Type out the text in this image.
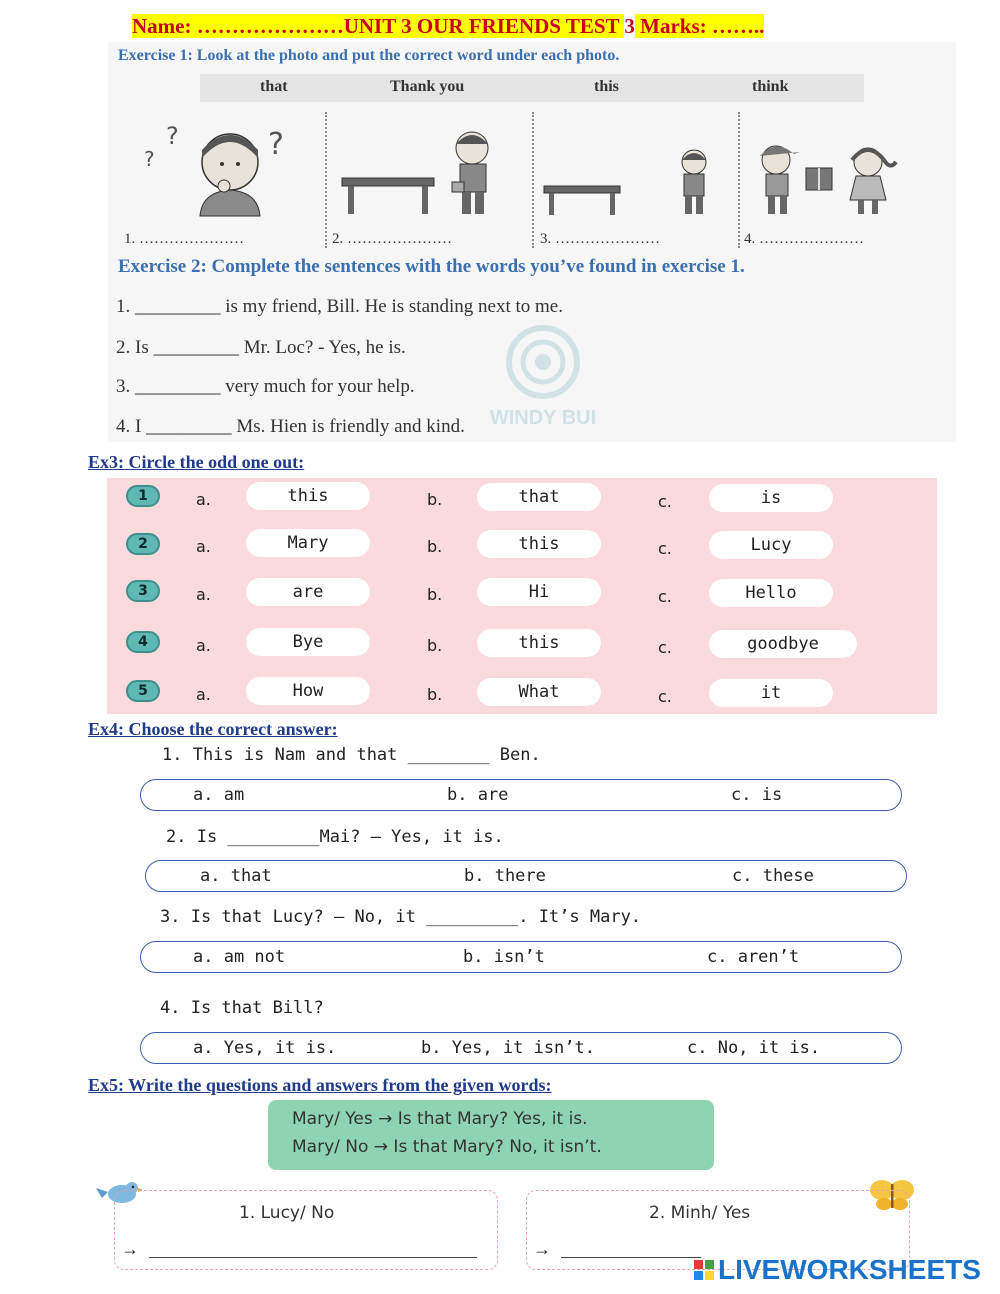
Name: …………………UNIT 3 OUR FRIENDS TEST 3 Marks: ……..
Exercise 1: Look at the photo and put the correct word under each photo.
that	Thank you	this	think
?
?	?
1. …………………	2. …………………	3. …………………	4. …………………
Exercise 2: Complete the sentences with the words you’ve found in exercise 1.
1. _________ is my friend, Bill. He is standing next to me.
2. Is _________ Mr. Loc? - Yes, he is.
3. _________ very much for your help.
4. I _________ Ms. Hien is friendly and kind. WINDY BUI
Ex3: Circle the odd one out:
1	a.	this	b.	that	c.	is
2	a.	Mary	b.	this	c.	Lucy
3	a.	are	b.	Hi	c.	Hello
4	a.	Bye	b.	this	c.	goodbye
5	a.	How	b.	What	c.	it
Ex4: Choose the correct answer:
1. This is Nam and that ________ Ben.
a. am	b. are	c. is
2. Is _________Mai? – Yes, it is.
a. that	b. there	c. these
3. Is that Lucy? – No, it _________. It’s Mary.
a. am not	b. isn’t	c. aren’t
4. Is that Bill?
a. Yes, it is.	b. Yes, it isn’t.	c. No, it is.
Ex5: Write the questions and answers from the given words:
Mary/ Yes → Is that Mary? Yes, it is.
Mary/ No → Is that Mary? No, it isn’t.
1. Lucy/ No
→
2. Minh/ Yes
→
LIVEWORKSHEETS
